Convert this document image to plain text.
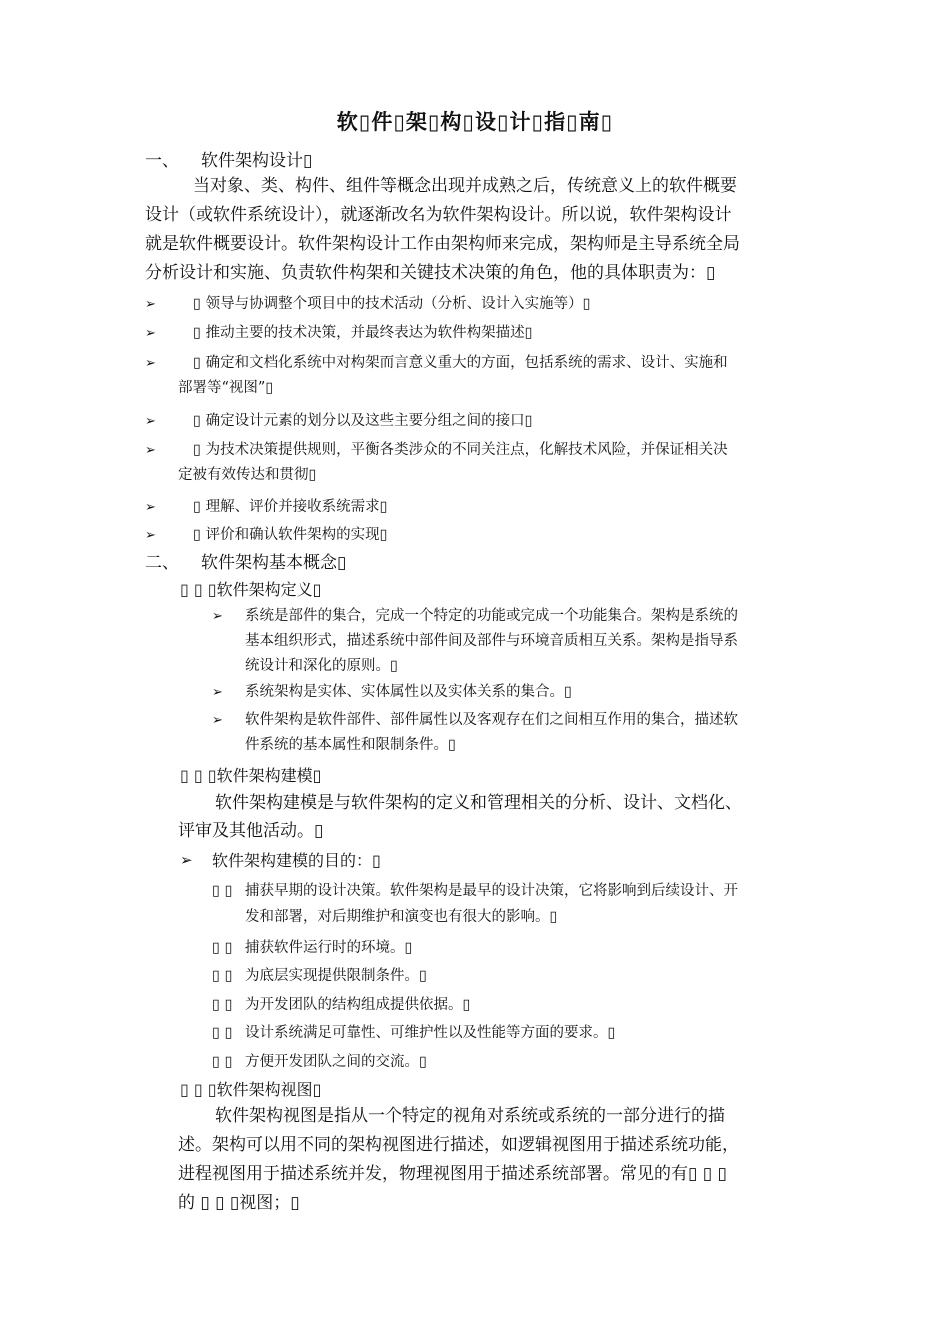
软▯件▯架▯构▯设▯计▯指▯南▯
一、 软件架构设计▯
当对象、类、构件、组件等概念出现并成熟之后，传统意义上的软件概要
设计（或软件系统设计），就逐渐改名为软件架构设计。所以说，软件架构设计
就是软件概要设计。软件架构设计工作由架构师来完成，架构师是主导系统全局
分析设计和实施、负责软件构架和关键技术决策的角色，他的具体职责为：▯
➢	▯ 领导与协调整个项目中的技术活动（分析、设计入实施等）▯
➢	▯ 推动主要的技术决策，并最终表达为软件构架描述▯
➢	▯ 确定和文档化系统中对构架而言意义重大的方面，包括系统的需求、设计、实施和
部署等“视图”▯
➢	▯ 确定设计元素的划分以及这些主要分组之间的接口▯
➢	▯ 为技术决策提供规则，平衡各类涉众的不同关注点，化解技术风险，并保证相关决
定被有效传达和贯彻▯
➢	▯ 理解、评价并接收系统需求▯
➢	▯ 评价和确认软件架构的实现▯
二、 软件架构基本概念▯
▯ ▯ ▯软件架构定义▯
➢ 系统是部件的集合，完成一个特定的功能或完成一个功能集合。架构是系统的
基本组织形式，描述系统中部件间及部件与环境音质相互关系。架构是指导系
统设计和深化的原则。▯
➢ 系统架构是实体、实体属性以及实体关系的集合。▯
➢ 软件架构是软件部件、部件属性以及客观存在们之间相互作用的集合，描述软
件系统的基本属性和限制条件。▯
▯ ▯ ▯软件架构建模▯
软件架构建模是与软件架构的定义和管理相关的分析、设计、文档化、
评审及其他活动。▯
➢ 软件架构建模的目的：▯
▯ ▯ 捕获早期的设计决策。软件架构是最早的设计决策，它将影响到后续设计、开
发和部署，对后期维护和演变也有很大的影响。▯
▯ ▯ 捕获软件运行时的环境。▯
▯ ▯ 为底层实现提供限制条件。▯
▯ ▯ 为开发团队的结构组成提供依据。▯
▯ ▯ 设计系统满足可靠性、可维护性以及性能等方面的要求。▯
▯ ▯ 方便开发团队之间的交流。▯
▯ ▯ ▯软件架构视图▯
软件架构视图是指从一个特定的视角对系统或系统的一部分进行的描
述。架构可以用不同的架构视图进行描述，如逻辑视图用于描述系统功能，
进程视图用于描述系统并发，物理视图用于描述系统部署。常见的有▯ ▯ ▯
的 ▯ ▯ ▯视图；▯
